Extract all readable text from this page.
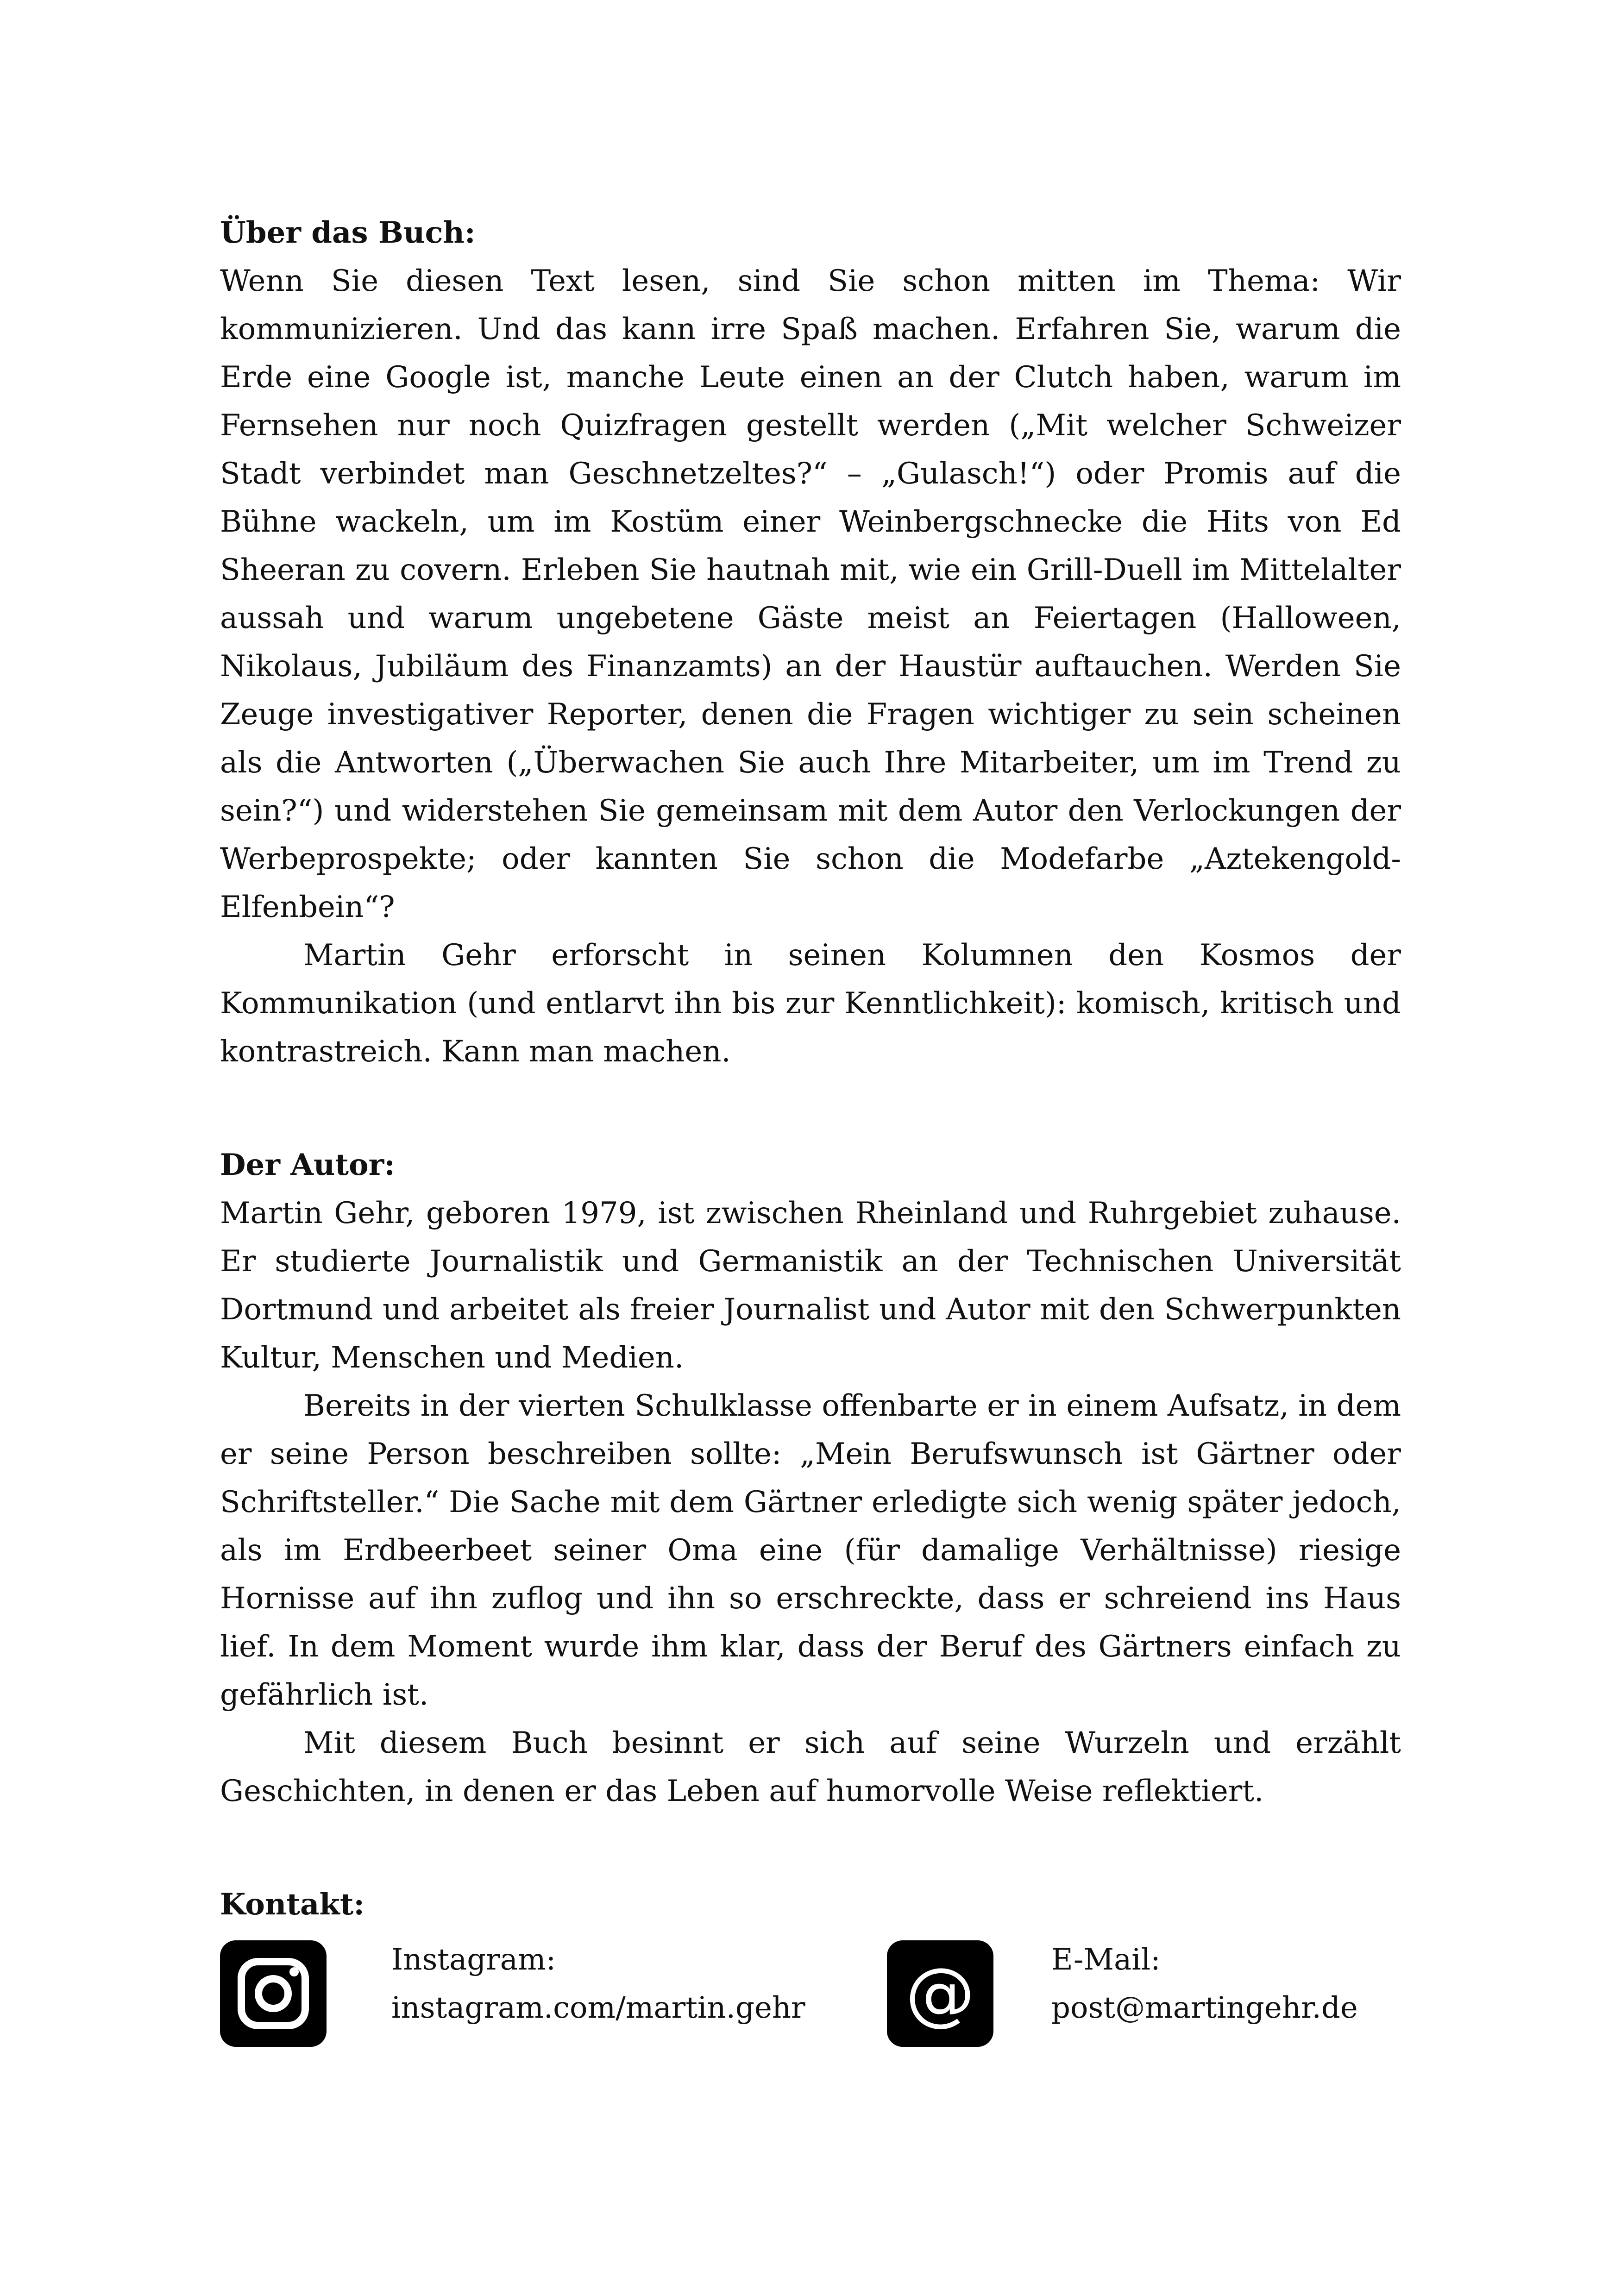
Über das Buch:

Wenn Sie diesen Text lesen, sind Sie schon mitten im Thema: Wir kommunizieren. Und das kann irre Spaß machen. Erfahren Sie, warum die Erde eine Google ist, manche Leute einen an der Clutch haben, warum im Fernsehen nur noch Quizfragen gestellt werden („Mit welcher Schweizer Stadt verbindet man Geschnetzeltes?“ – „Gulasch!“) oder Promis auf die Bühne wackeln, um im Kostüm einer Weinbergschnecke die Hits von Ed Sheeran zu covern. Erleben Sie hautnah mit, wie ein Grill-Duell im Mittelalter aussah und warum ungebetene Gäste meist an Feiertagen (Halloween, Nikolaus, Jubiläum des Finanzamts) an der Haustür auftauchen. Werden Sie Zeuge investigativer Reporter, denen die Fragen wichtiger zu sein scheinen als die Antworten („Überwachen Sie auch Ihre Mitarbeiter, um im Trend zu sein?“) und widerstehen Sie gemeinsam mit dem Autor den Verlockungen der Werbeprospekte; oder kannten Sie schon die Modefarbe „Aztekengold-Elfenbein“?

Martin Gehr erforscht in seinen Kolumnen den Kosmos der Kommunikation (und entlarvt ihn bis zur Kenntlichkeit): komisch, kritisch und kontrastreich. Kann man machen.

Der Autor:

Martin Gehr, geboren 1979, ist zwischen Rheinland und Ruhrgebiet zuhause. Er studierte Journalistik und Germanistik an der Technischen Universität Dortmund und arbeitet als freier Journalist und Autor mit den Schwerpunkten Kultur, Menschen und Medien.

Bereits in der vierten Schulklasse offenbarte er in einem Aufsatz, in dem er seine Person beschreiben sollte: „Mein Berufswunsch ist Gärtner oder Schriftsteller.“ Die Sache mit dem Gärtner erledigte sich wenig später jedoch, als im Erdbeerbeet seiner Oma eine (für damalige Verhältnisse) riesige Hornisse auf ihn zuflog und ihn so erschreckte, dass er schreiend ins Haus lief. In dem Moment wurde ihm klar, dass der Beruf des Gärtners einfach zu gefährlich ist.

Mit diesem Buch besinnt er sich auf seine Wurzeln und erzählt Geschichten, in denen er das Leben auf humorvolle Weise reflektiert.

Kontakt:
Instagram:
instagram.com/martin.gehr @	E-Mail:
post@martingehr.de
